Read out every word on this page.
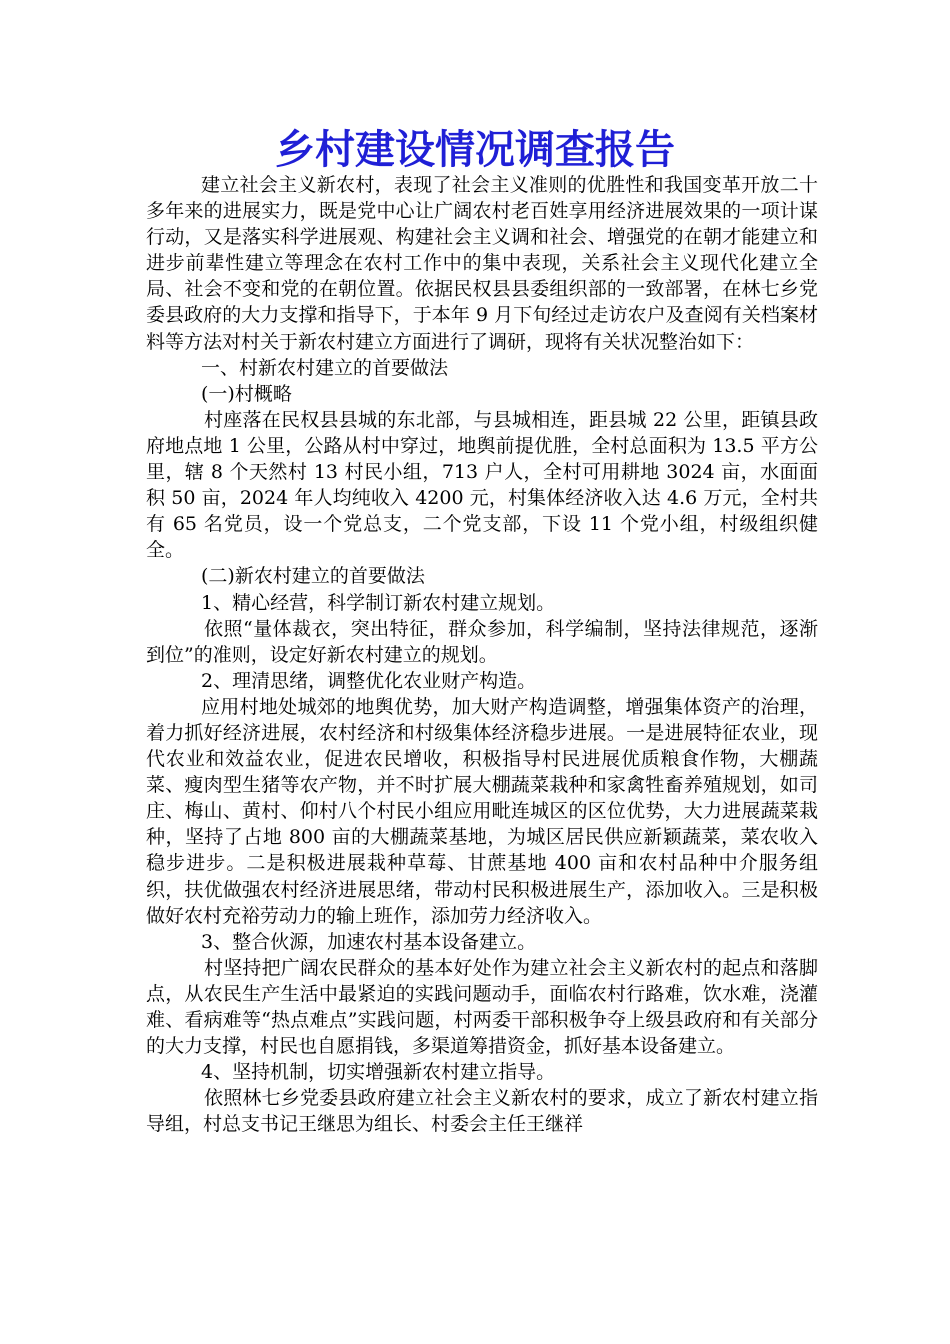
乡村建设情况调查报告

建立社会主义新农村，表现了社会主义准则的优胜性和我国变革开放二十多年来的进展实力，既是党中心让广阔农村老百姓享用经济进展效果的一项计谋行动，又是落实科学进展观、构建社会主义调和社会、增强党的在朝才能建立和进步前辈性建立等理念在农村工作中的集中表现，关系社会主义现代化建立全局、社会不变和党的在朝位置。依据民权县县委组织部的一致部署，在林七乡党委县政府的大力支撑和指导下，于本年 9 月下旬经过走访农户及查阅有关档案材料等方法对村关于新农村建立方面进行了调研，现将有关状况整治如下：

一、村新农村建立的首要做法

(一)村概略

村座落在民权县县城的东北部，与县城相连，距县城 22 公里，距镇县政府地点地 1 公里，公路从村中穿过，地舆前提优胜，全村总面积为 13.5 平方公里，辖 8 个天然村 13 村民小组，713 户人，全村可用耕地 3024 亩，水面面积 50 亩，2024 年人均纯收入 4200 元，村集体经济收入达 4.6 万元，全村共有 65 名党员，设一个党总支，二个党支部，下设 11 个党小组，村级组织健全。

(二)新农村建立的首要做法

1、精心经营，科学制订新农村建立规划。

依照“量体裁衣，突出特征，群众参加，科学编制，坚持法律规范，逐渐到位”的准则，设定好新农村建立的规划。

2、理清思绪，调整优化农业财产构造。

应用村地处城郊的地舆优势，加大财产构造调整，增强集体资产的治理，着力抓好经济进展，农村经济和村级集体经济稳步进展。一是进展特征农业，现代农业和效益农业，促进农民增收，积极指导村民进展优质粮食作物，大棚蔬菜、瘦肉型生猪等农产物，并不时扩展大棚蔬菜栽种和家禽牲畜养殖规划，如司庄、梅山、黄村、仰村八个村民小组应用毗连城区的区位优势，大力进展蔬菜栽种，坚持了占地 800 亩的大棚蔬菜基地，为城区居民供应新颖蔬菜，菜农收入稳步进步。二是积极进展栽种草莓、甘蔗基地 400 亩和农村品种中介服务组织，扶优做强农村经济进展思绪，带动村民积极进展生产，添加收入。三是积极做好农村充裕劳动力的输上班作，添加劳力经济收入。

3、整合伙源，加速农村基本设备建立。

村坚持把广阔农民群众的基本好处作为建立社会主义新农村的起点和落脚点，从农民生产生活中最紧迫的实践问题动手，面临农村行路难，饮水难，浇灌难、看病难等“热点难点”实践问题，村两委干部积极争夺上级县政府和有关部分的大力支撑，村民也自愿捐钱，多渠道筹措资金，抓好基本设备建立。

4、坚持机制，切实增强新农村建立指导。

依照林七乡党委县政府建立社会主义新农村的要求，成立了新农村建立指导组，村总支书记王继思为组长、村委会主任王继祥
